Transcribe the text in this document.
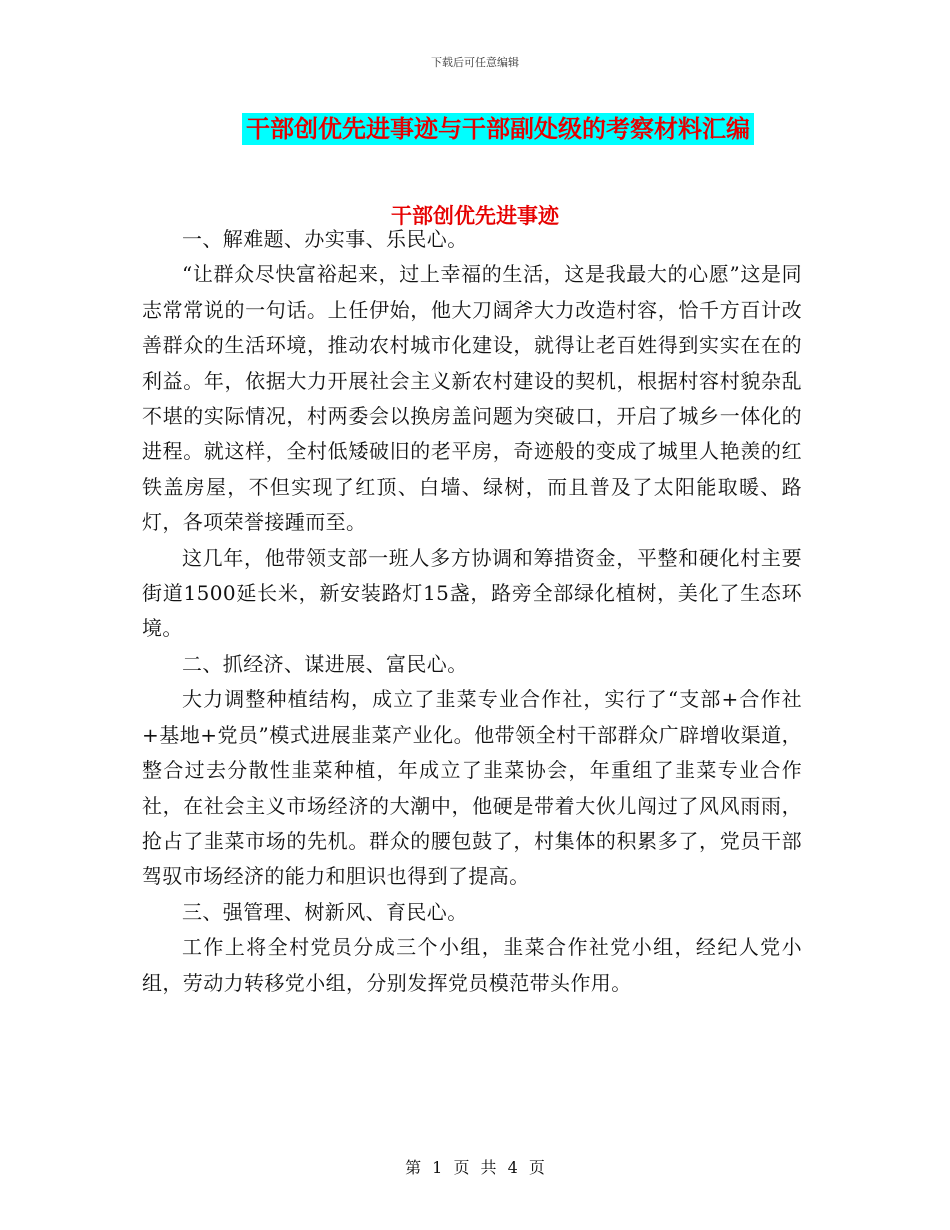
下载后可任意编辑
干部创优先进事迹与干部副处级的考察材料汇编
干部创优先进事迹

一、解难题、办实事、乐民心。

“让群众尽快富裕起来，过上幸福的生活，这是我最大的心愿”这是同志常常说的一句话。上任伊始，他大刀阔斧大力改造村容，恰千方百计改善群众的生活环境，推动农村城市化建设，就得让老百姓得到实实在在的利益。年，依据大力开展社会主义新农村建设的契机，根据村容村貌杂乱不堪的实际情况，村两委会以换房盖问题为突破口，开启了城乡一体化的进程。就这样，全村低矮破旧的老平房，奇迹般的变成了城里人艳羡的红铁盖房屋，不但实现了红顶、白墙、绿树，而且普及了太阳能取暖、路灯，各项荣誉接踵而至。

这几年，他带领支部一班人多方协调和筹措资金，平整和硬化村主要街道1500延长米，新安装路灯15盏，路旁全部绿化植树，美化了生态环境。

二、抓经济、谋进展、富民心。

大力调整种植结构，成立了韭菜专业合作社，实行了“支部+合作社+基地+党员”模式进展韭菜产业化。他带领全村干部群众广辟增收渠道，整合过去分散性韭菜种植，年成立了韭菜协会，年重组了韭菜专业合作社，在社会主义市场经济的大潮中，他硬是带着大伙儿闯过了风风雨雨，抢占了韭菜市场的先机。群众的腰包鼓了，村集体的积累多了，党员干部驾驭市场经济的能力和胆识也得到了提高。

三、强管理、树新风、育民心。

工作上将全村党员分成三个小组，韭菜合作社党小组，经纪人党小组，劳动力转移党小组，分别发挥党员模范带头作用。

第 1 页 共 4 页
